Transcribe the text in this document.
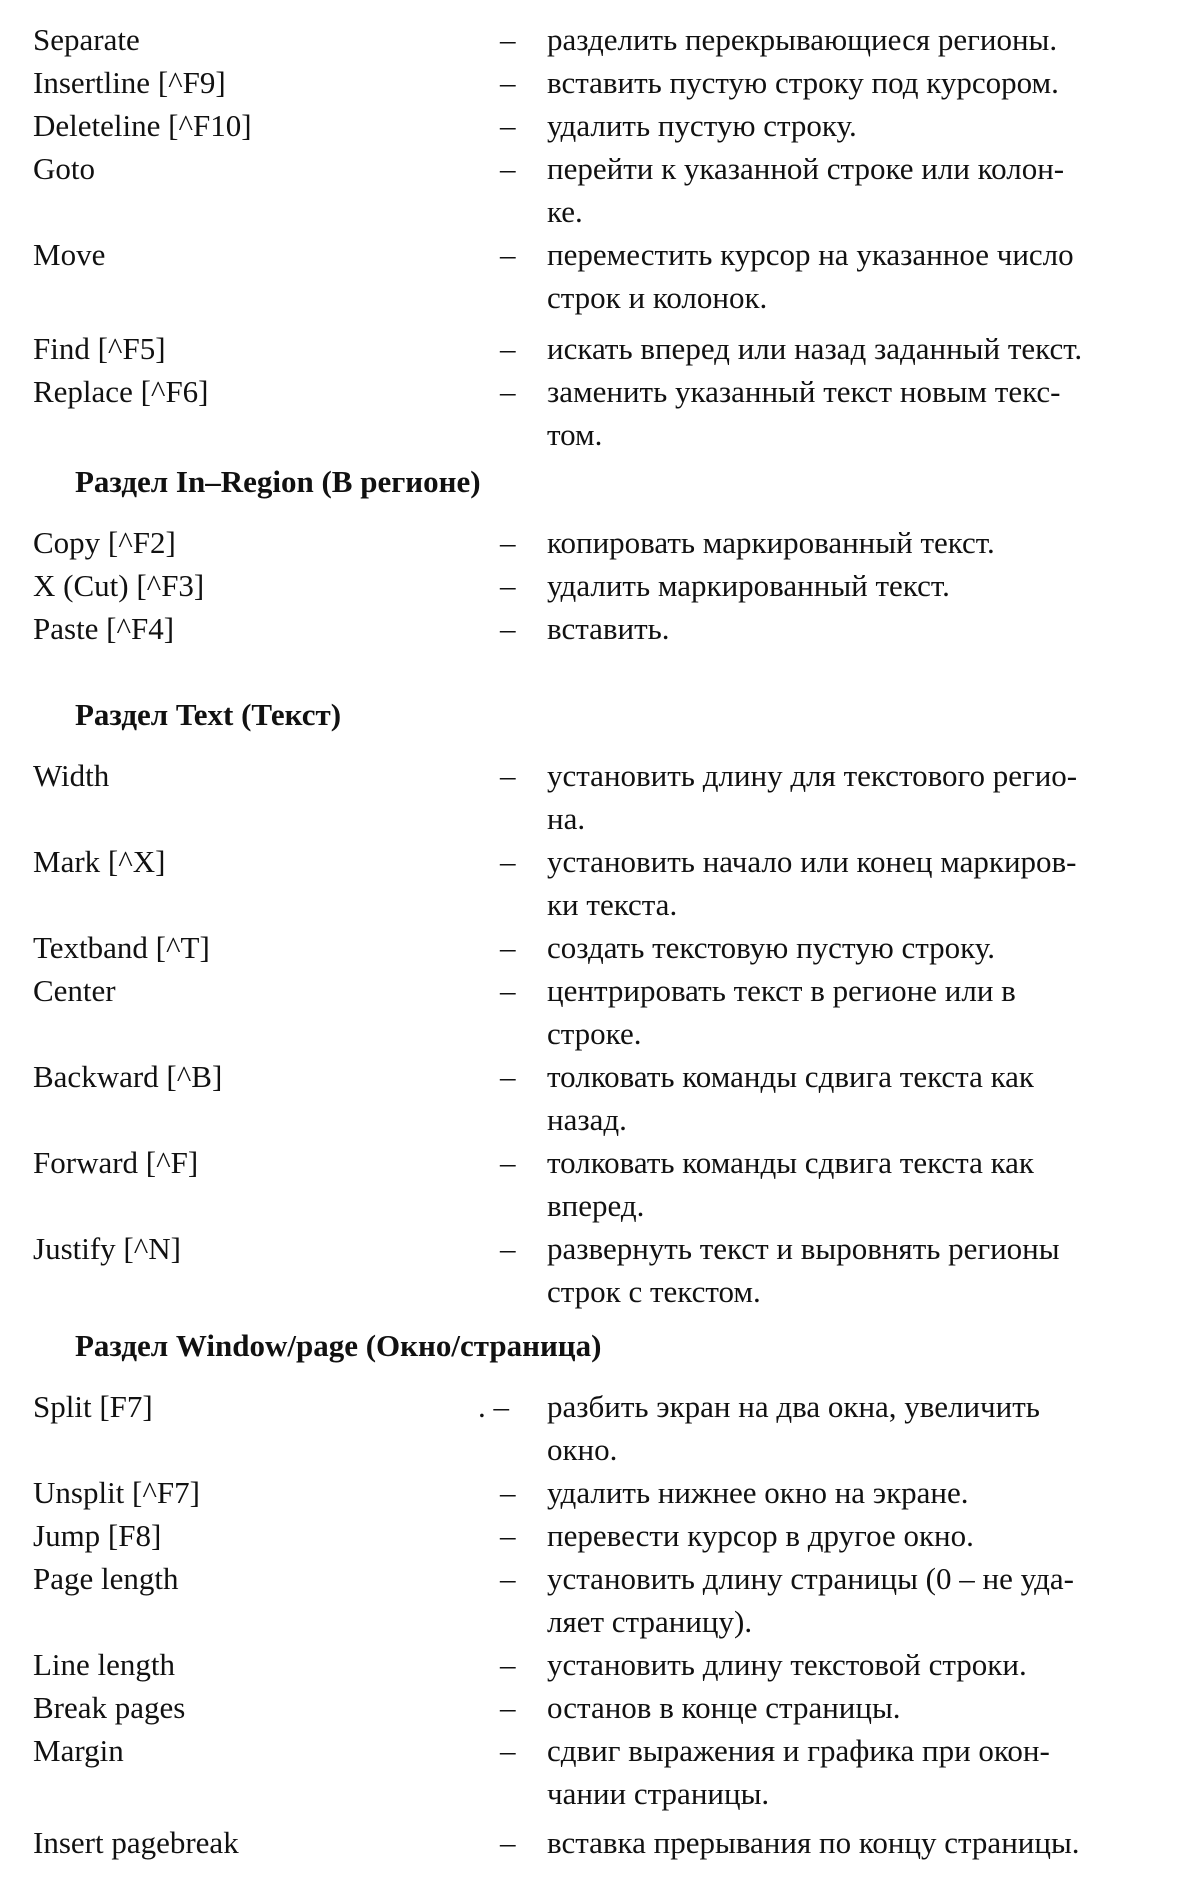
Separate	–	разделить перекрывающиеся регионы.
Insertline [^F9]	–	вставить пустую строку под курсором.
Deleteline [^F10]	–	удалить пустую строку.
Goto	–	перейти к указанной строке или колон-
ке.
Move	–	переместить курсор на указанное число
строк и колонок.
Find [^F5]	–	искать вперед или назад заданный текст.
Replace [^F6]	–	заменить указанный текст новым текс-
том.
Раздел In–Region (В регионе)
Copy [^F2]	–	копировать маркированный текст.
X (Cut) [^F3]	–	удалить маркированный текст.
Paste [^F4]	–	вставить.
Раздел Text (Текст)
Width	–	установить длину для текстового регио-
на.
Mark [^X]	–	установить начало или конец маркиров-
ки текста.
Textband [^T]	–	создать текстовую пустую строку.
Center	–	центрировать текст в регионе или в
строке.
Backward [^B]	–	толковать команды сдвига текста как
назад.
Forward [^F]	–	толковать команды сдвига текста как
вперед.
Justify [^N]	–	развернуть текст и выровнять регионы
строк с текстом.
Раздел Window/page (Окно/страница)
Split [F7]	. – разбить экран на два окна, увеличить
окно.
Unsplit [^F7]	–	удалить нижнее окно на экране.
Jump [F8]	–	перевести курсор в другое окно.
Page length	–	установить длину страницы (0 – не уда-
ляет страницу).
Line length	–	установить длину текстовой строки.
Break pages	–	останов в конце страницы.
Margin	–	сдвиг выражения и графика при окон-
чании страницы.
Insert pagebreak	–	вставка прерывания по концу страницы.
